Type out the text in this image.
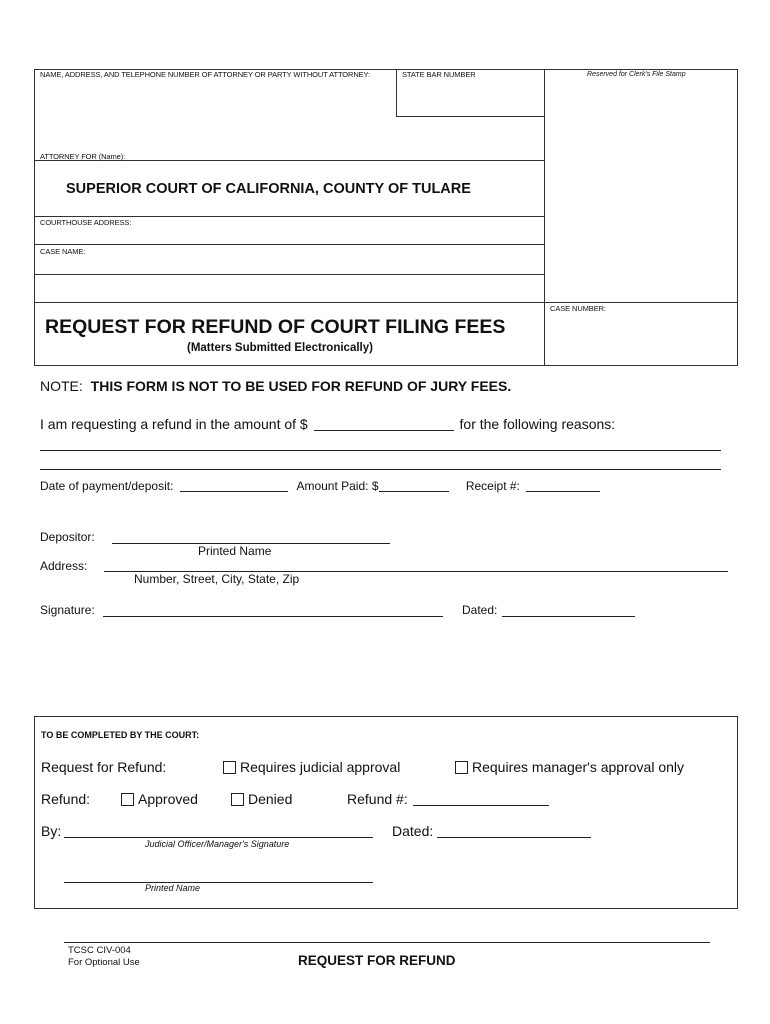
NAME, ADDRESS, AND TELEPHONE NUMBER OF ATTORNEY OR PARTY WITHOUT ATTORNEY:	STATE BAR NUMBER	Reserved for Clerk's File Stamp
ATTORNEY FOR (Name):
SUPERIOR COURT OF CALIFORNIA, COUNTY OF TULARE
COURTHOUSE ADDRESS:
CASE NAME:
CASE NUMBER:
REQUEST FOR REFUND OF COURT FILING FEES
(Matters Submitted Electronically)
NOTE: THIS FORM IS NOT TO BE USED FOR REFUND OF JURY FEES.
I am requesting a refund in the amount of $	for the following reasons:
Date of payment/deposit:	Amount Paid: $	Receipt #:
Depositor:
Printed Name
Address:
Number, Street, City, State, Zip
Signature:	Dated:
TO BE COMPLETED BY THE COURT:
Request for Refund:	Requires judicial approval	Requires manager's approval only
Refund:	Approved	Denied	Refund #:
By:	Dated:
Judicial Officer/Manager's Signature
Printed Name
TCSC CIV-004
For Optional Use	REQUEST FOR REFUND
